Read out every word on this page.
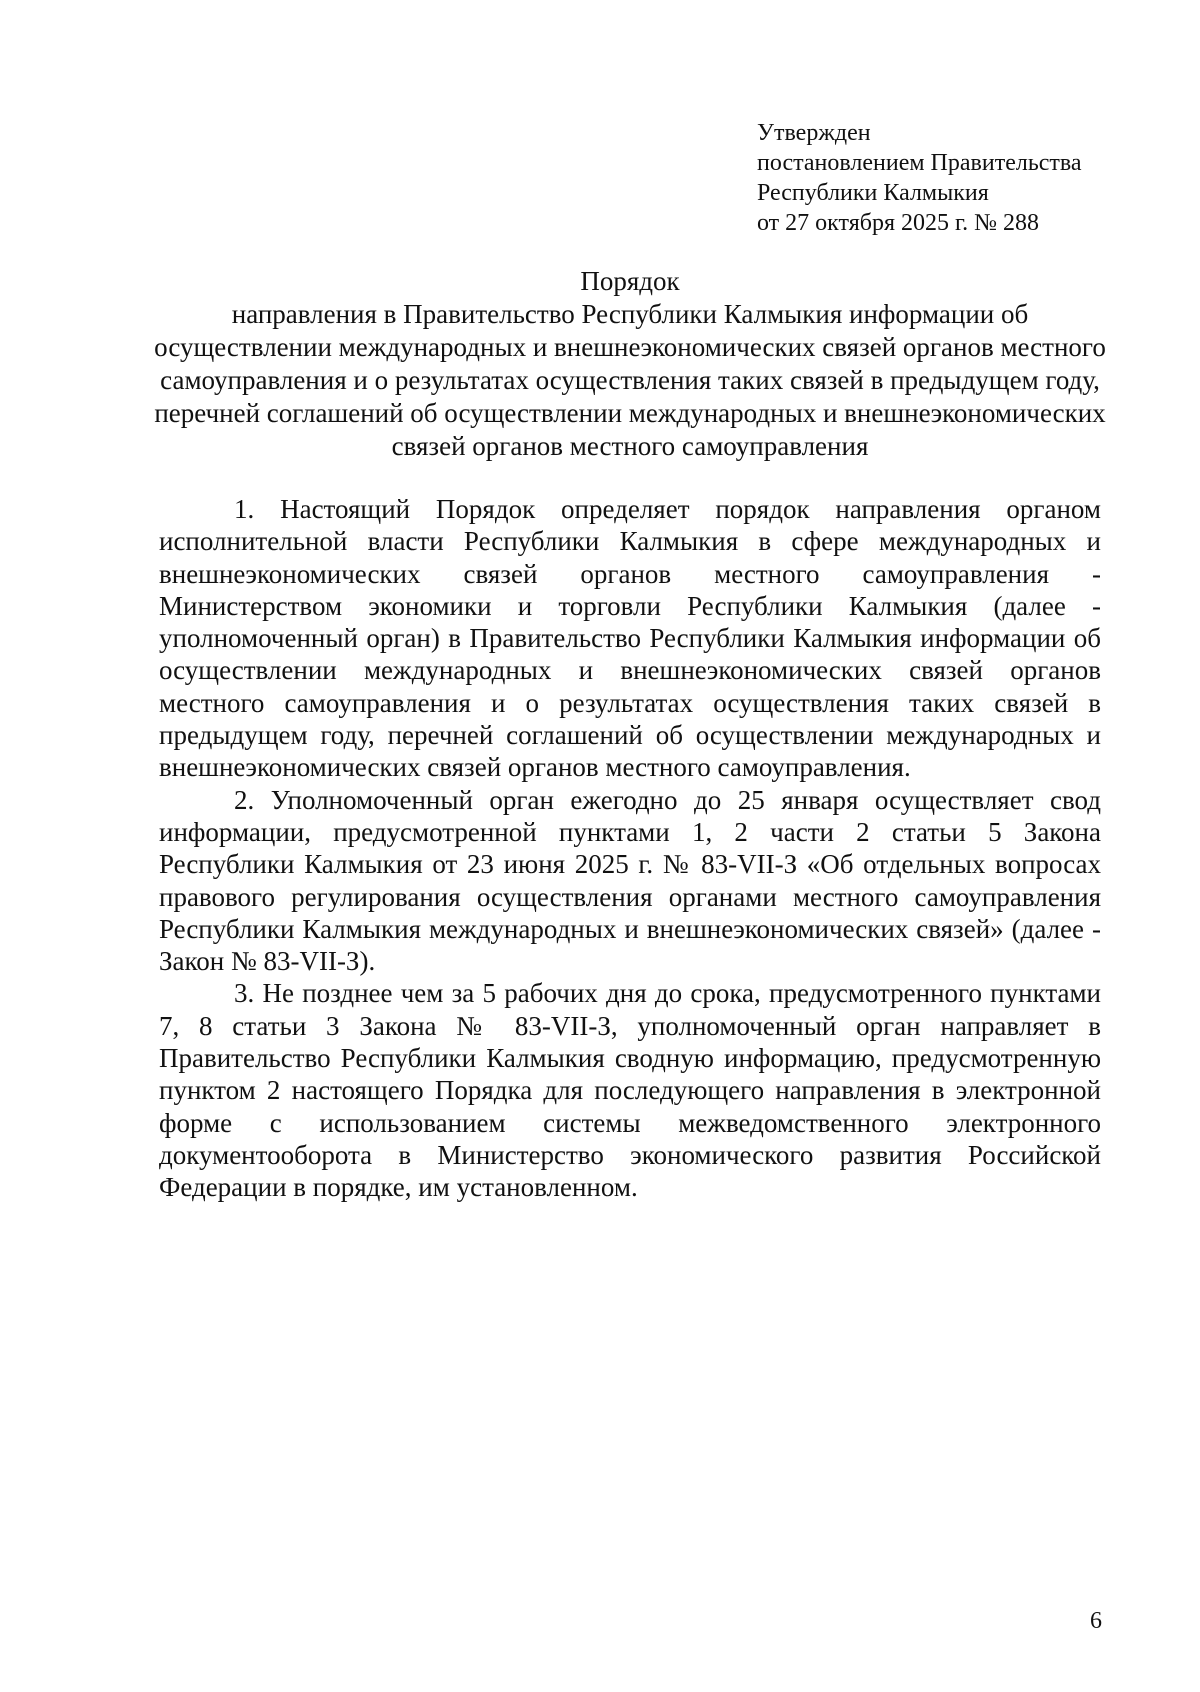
Утвержден
постановлением Правительства
Республики Калмыкия
от 27 октября 2025 г. № 288
Порядок
направления в Правительство Республики Калмыкия информации об осуществлении международных и внешнеэкономических связей органов местного самоуправления и о результатах осуществления таких связей в предыдущем году, перечней соглашений об осуществлении международных и внешнеэкономических связей органов местного самоуправления

1. Настоящий Порядок определяет порядок направления органом исполнительной власти Республики Калмыкия в сфере международных и внешнеэкономических связей органов местного самоуправления - Министерством экономики и торговли Республики Калмыкия (далее - уполномоченный орган) в Правительство Республики Калмыкия информации об осуществлении международных и внешнеэкономических связей органов местного самоуправления и о результатах осуществления таких связей в предыдущем году, перечней соглашений об осуществлении международных и внешнеэкономических связей органов местного самоуправления.

2. Уполномоченный орган ежегодно до 25 января осуществляет свод информации, предусмотренной пунктами 1, 2 части 2 статьи 5 Закона Республики Калмыкия от 23 июня 2025 г. № 83-VII-З «Об отдельных вопросах правового регулирования осуществления органами местного самоуправления Республики Калмыкия международных и внешнеэкономических связей» (далее - Закон № 83-VII-З).

3. Не позднее чем за 5 рабочих дня до срока, предусмотренного пунктами 7, 8 статьи 3 Закона № 83-VII-З, уполномоченный орган направляет в Правительство Республики Калмыкия сводную информацию, предусмотренную пунктом 2 настоящего Порядка для последующего направления в электронной форме с использованием системы межведомственного электронного документооборота в Министерство экономического развития Российской Федерации в порядке, им установленном.

6
